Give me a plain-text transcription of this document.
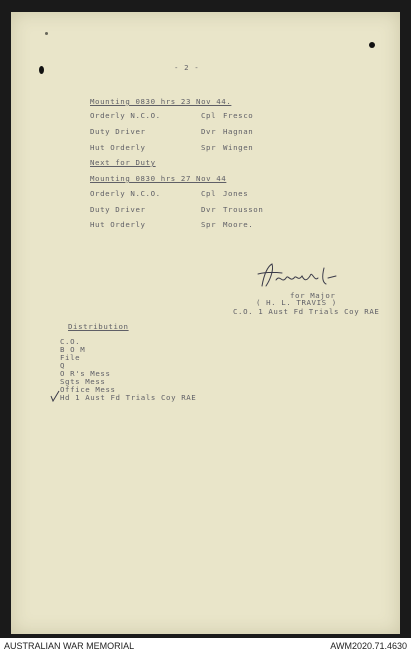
- 2 -
Mounting 0830 hrs 23 Nov 44.
Orderly N.C.O.	Cpl Fresco
Duty Driver	Dvr Hagnan
Hut Orderly	Spr Wingen
Next for Duty
Mounting 0830 hrs 27 Nov 44
Orderly N.C.O.	Cpl Jones
Duty Driver	Dvr Trousson
Hut Orderly	Spr Moore.
for Major
( H. L. TRAVIS )
C.O. 1 Aust Fd Trials Coy RAE
Distribution
C.O.
B O M
File
Q
O R's Mess
Sgts Mess
Office Mess
Hd 1 Aust Fd Trials Coy RAE
AUSTRALIAN WAR MEMORIAL	AWM2020.71.4630
